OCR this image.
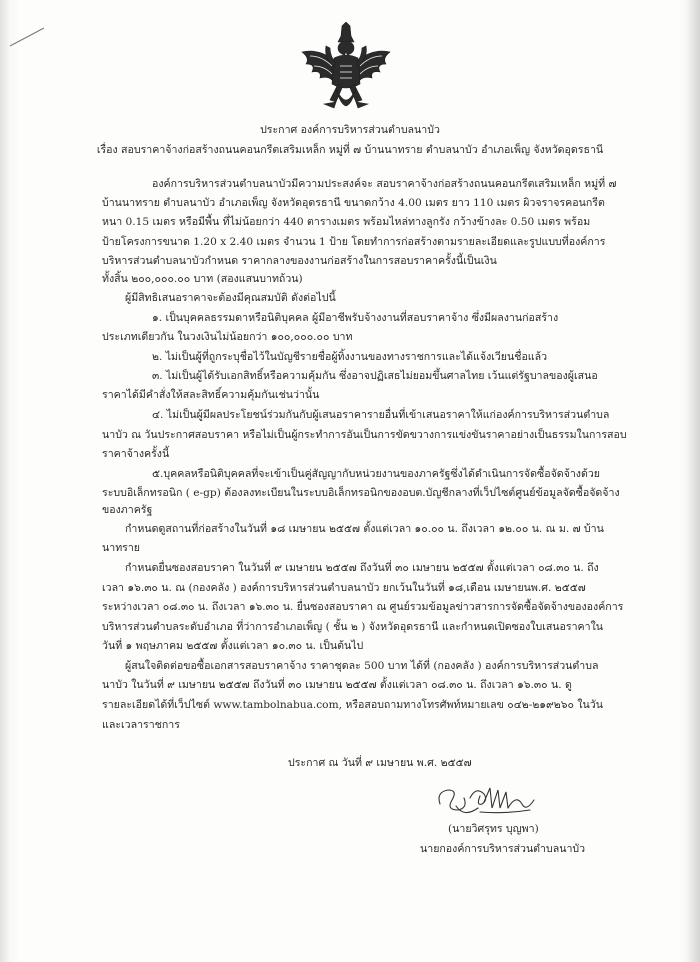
ประกาศ องค์การบริหารส่วนตำบลนาบัว
เรื่อง สอบราคาจ้างก่อสร้างถนนคอนกรีตเสริมเหล็ก หมู่ที่ ๗ บ้านนาทราย ตำบลนาบัว อำเภอเพ็ญ จังหวัดอุดรธานี
องค์การบริหารส่วนตำบลนาบัวมีความประสงค์จะ สอบราคาจ้างก่อสร้างถนนคอนกรีตเสริมเหล็ก หมู่ที่ ๗
บ้านนาทราย ตำบลนาบัว อำเภอเพ็ญ จังหวัดอุดรธานี ขนาดกว้าง 4.00 เมตร ยาว 110 เมตร ผิวจราจรคอนกรีต
หนา 0.15 เมตร หรือมีพื้น ที่ไม่น้อยกว่า 440 ตารางเมตร พร้อมไหล่ทางลูกรัง กว้างข้างละ 0.50 เมตร พร้อม
ป้ายโครงการขนาด 1.20 x 2.40 เมตร จำนวน 1 ป้าย โดยทำการก่อสร้างตามรายละเอียดและรูปแบบที่องค์การ
บริหารส่วนตำบลนาบัวกำหนด ราคากลางของงานก่อสร้างในการสอบราคาครั้งนี้เป็นเงิน
ทั้งสิ้น ๒๐๐,๐๐๐.๐๐ บาท (สองแสนบาทถ้วน)
ผู้มีสิทธิเสนอราคาจะต้องมีคุณสมบัติ ดังต่อไปนี้
๑. เป็นบุคคลธรรมดาหรือนิติบุคคล ผู้มีอาชีพรับจ้างงานที่สอบราคาจ้าง ซึ่งมีผลงานก่อสร้าง
ประเภทเดียวกัน ในวงเงินไม่น้อยกว่า ๑๐๐,๐๐๐.๐๐ บาท
๒. ไม่เป็นผู้ที่ถูกระบุชื่อไว้ในบัญชีรายชื่อผู้ทิ้งงานของทางราชการและได้แจ้งเวียนชื่อแล้ว
๓. ไม่เป็นผู้ได้รับเอกสิทธิ์หรือความคุ้มกัน ซึ่งอาจปฏิเสธไม่ยอมขึ้นศาลไทย เว้นแต่รัฐบาลของผู้เสนอ
ราคาได้มีคำสั่งให้สละสิทธิ์ความคุ้มกันเช่นว่านั้น
๔. ไม่เป็นผู้มีผลประโยชน์ร่วมกันกับผู้เสนอราคารายอื่นที่เข้าเสนอราคาให้แก่องค์การบริหารส่วนตำบล
นาบัว ณ วันประกาศสอบราคา หรือไม่เป็นผู้กระทำการอันเป็นการขัดขวางการแข่งขันราคาอย่างเป็นธรรมในการสอบ
ราคาจ้างครั้งนี้
๕.บุคคลหรือนิติบุคคลที่จะเข้าเป็นคู่สัญญากับหน่วยงานของภาครัฐซึ่งได้ดำเนินการจัดซื้อจัดจ้างด้วย
ระบบอิเล็กทรอนิก ( e-gp) ต้องลงทะเบียนในระบบอิเล็กทรอนิกของอบต.บัญชีกลางที่เว็ปไซต์ศูนย์ข้อมูลจัดซื้อจัดจ้าง
ของภาครัฐ
กำหนดดูสถานที่ก่อสร้างในวันที่ ๑๘ เมษายน ๒๕๕๗ ตั้งแต่เวลา ๑๐.๐๐ น. ถึงเวลา ๑๒.๐๐ น. ณ ม. ๗ บ้าน
นาทราย
กำหนดยื่นซองสอบราคา ในวันที่ ๙ เมษายน ๒๕๕๗ ถึงวันที่ ๓๐ เมษายน ๒๕๕๗ ตั้งแต่เวลา ๐๘.๓๐ น. ถึง
เวลา ๑๖.๓๐ น. ณ (กองคลัง ) องค์การบริหารส่วนตำบลนาบัว ยกเว้นในวันที่ ๑๘,เดือน เมษายนพ.ศ. ๒๕๕๗
ระหว่างเวลา ๐๘.๓๐ น. ถึงเวลา ๑๖.๓๐ น. ยื่นซองสอบราคา ณ ศูนย์รวมข้อมูลข่าวสารการจัดซื้อจัดจ้างขององค์การ
บริหารส่วนตำบลระดับอำเภอ ที่ว่าการอำเภอเพ็ญ ( ชั้น ๒ ) จังหวัดอุดรธานี และกำหนดเปิดซองใบเสนอราคาใน
วันที่ ๑ พฤษภาคม ๒๕๕๗ ตั้งแต่เวลา ๑๐.๓๐ น. เป็นต้นไป
ผู้สนใจติดต่อขอซื้อเอกสารสอบราคาจ้าง ราคาชุดละ 500 บาท ได้ที่ (กองคลัง ) องค์การบริหารส่วนตำบล
นาบัว ในวันที่ ๙ เมษายน ๒๕๕๗ ถึงวันที่ ๓๐ เมษายน ๒๕๕๗ ตั้งแต่เวลา ๐๘.๓๐ น. ถึงเวลา ๑๖.๓๐ น. ดู
รายละเอียดได้ที่เว็ปไซต์ www.tambolnabua.com, หรือสอบถามทางโทรศัพท์หมายเลข ๐๔๒-๒๑๙๒๖๐ ในวัน
และเวลาราชการ
ประกาศ ณ วันที่ ๙ เมษายน พ.ศ. ๒๕๕๗
(นายวิศรุทร บุญพา)
นายกองค์การบริหารส่วนตำบลนาบัว
